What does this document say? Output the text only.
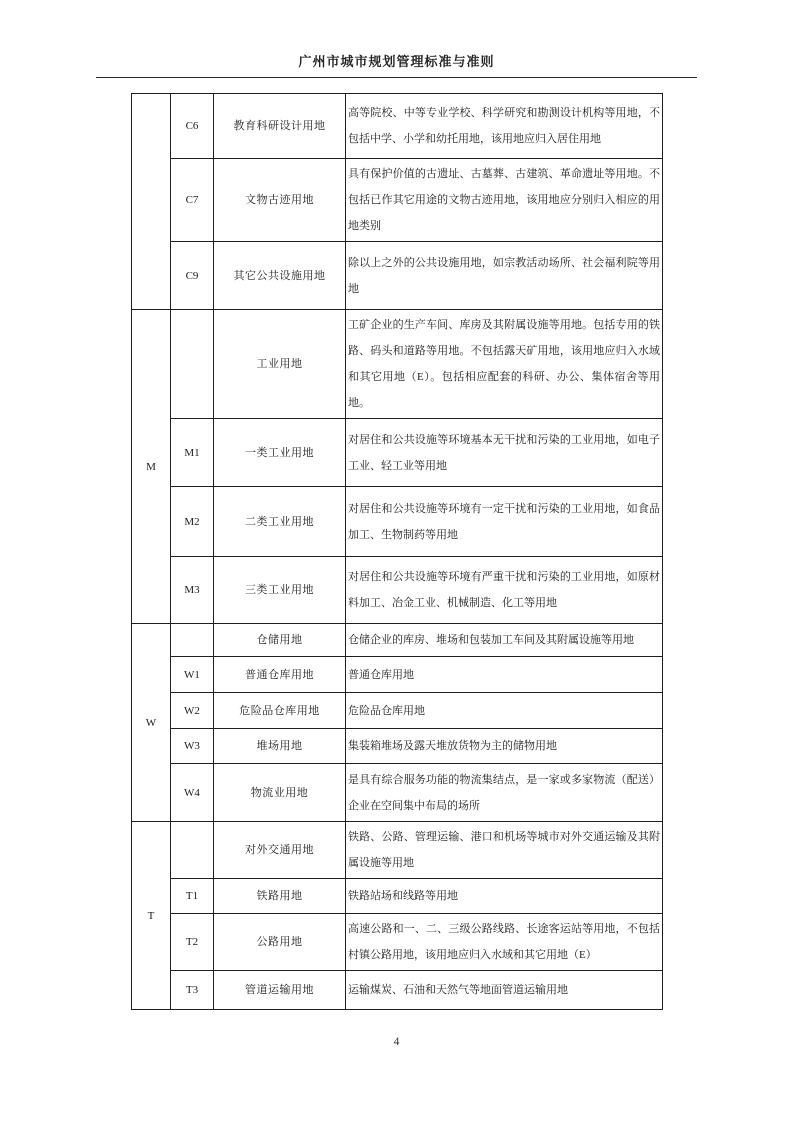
广州市城市规划管理标准与准则
	C6	教育科研设计用地	高等院校、中等专业学校、科学研究和勘测设计机构等用地，不包括中学、小学和幼托用地，该用地应归入居住用地
	C7	文物古迹用地	具有保护价值的古遗址、古墓葬、古建筑、革命遗址等用地。不包括已作其它用途的文物古迹用地，该用地应分别归入相应的用地类别
	C9	其它公共设施用地	除以上之外的公共设施用地，如宗教活动场所、社会福利院等用地
M		工业用地	工矿企业的生产车间、库房及其附属设施等用地。包括专用的铁路、码头和道路等用地。不包括露天矿用地，该用地应归入水域和其它用地（E）。包括相应配套的科研、办公、集体宿舍等用地。
	M1	一类工业用地	对居住和公共设施等环境基本无干扰和污染的工业用地，如电子工业、轻工业等用地
	M2	二类工业用地	对居住和公共设施等环境有一定干扰和污染的工业用地，如食品加工、生物制药等用地
	M3	三类工业用地	对居住和公共设施等环境有严重干扰和污染的工业用地，如原材料加工、冶金工业、机械制造、化工等用地
W		仓储用地	仓储企业的库房、堆场和包装加工车间及其附属设施等用地
	W1	普通仓库用地	普通仓库用地
	W2	危险品仓库用地	危险品仓库用地
	W3	堆场用地	集装箱堆场及露天堆放货物为主的储物用地
	W4	物流业用地	是具有综合服务功能的物流集结点，是一家或多家物流（配送）企业在空间集中布局的场所
T		对外交通用地	铁路、公路、管理运输、港口和机场等城市对外交通运输及其附属设施等用地
	T1	铁路用地	铁路站场和线路等用地
	T2	公路用地	高速公路和一、二、三级公路线路、长途客运站等用地，不包括村镇公路用地，该用地应归入水域和其它用地（E）
	T3	管道运输用地	运输煤炭、石油和天然气等地面管道运输用地
4
